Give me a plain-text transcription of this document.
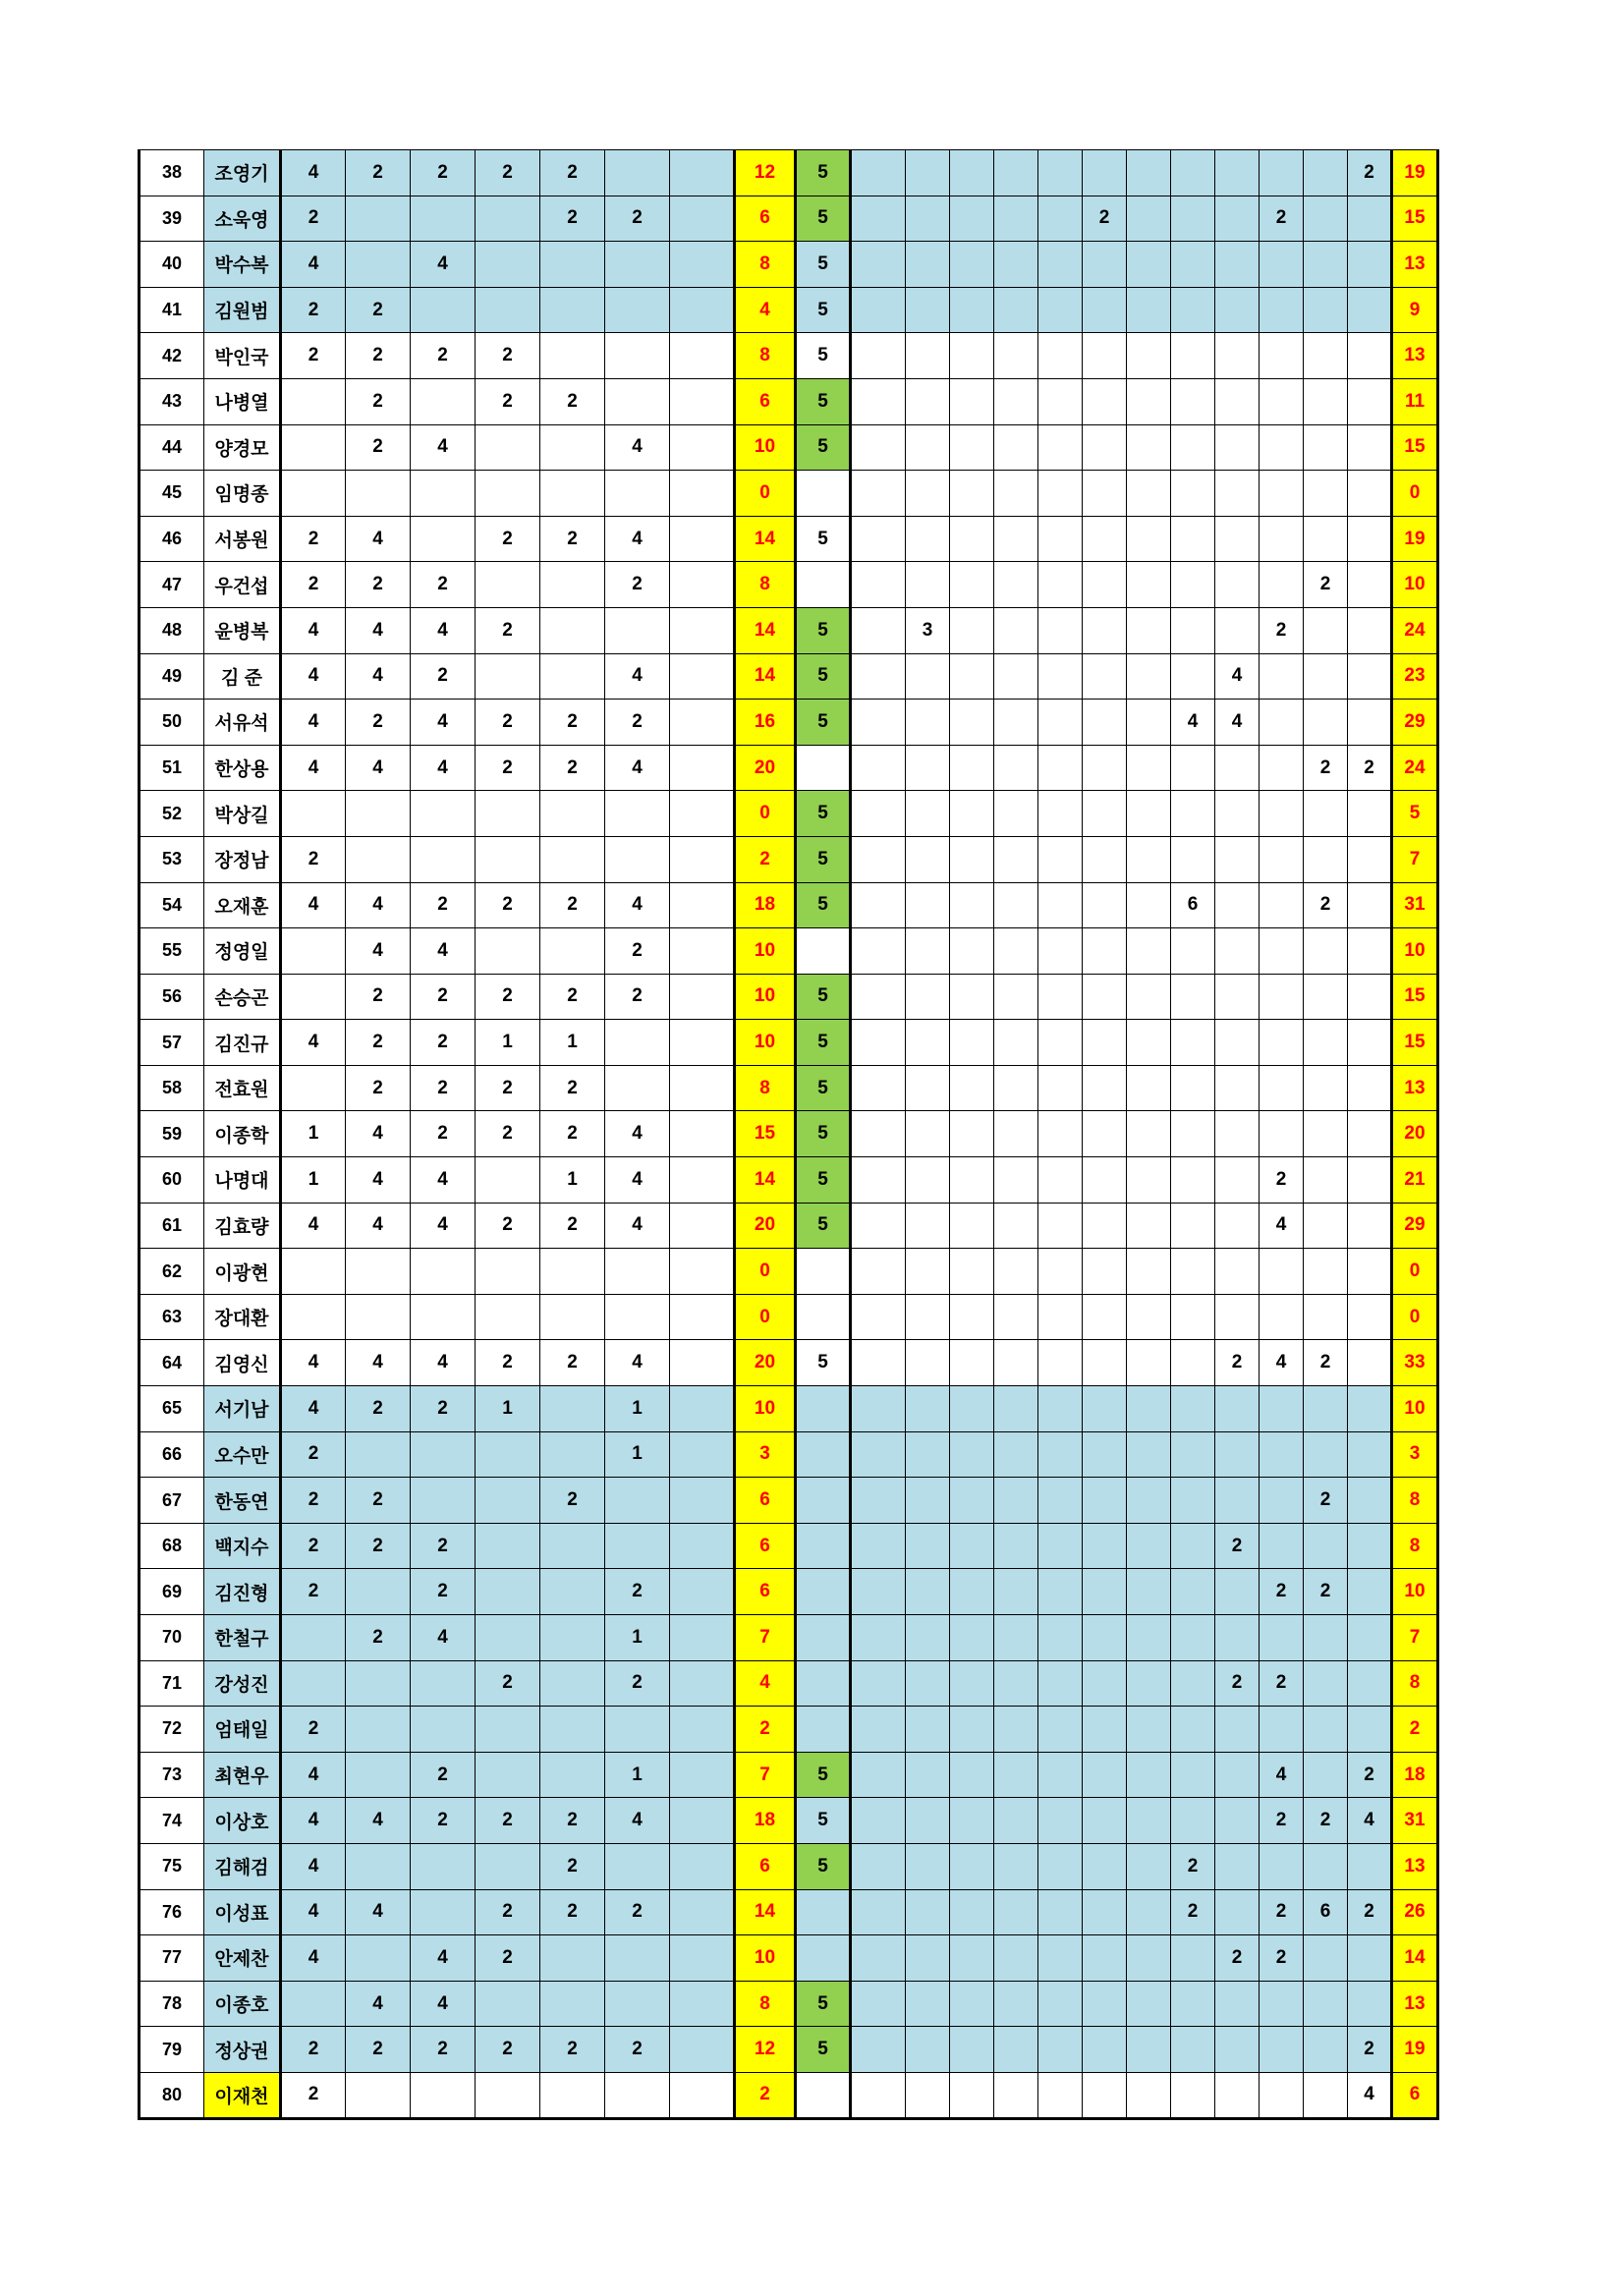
38	조영기	4	2	2	2	2			12	5												2	19
39	소욱영	2				2	2		6	5						2				2			15
40	박수복	4		4					8	5													13
41	김원범	2	2						4	5													9
42	박인국	2	2	2	2				8	5													13
43	나병열		2		2	2			6	5													11
44	양경모		2	4			4		10	5													15
45	임명종								0														0
46	서봉원	2	4		2	2	4		14	5													19
47	우건섭	2	2	2			2		8												2		10
48	윤병복	4	4	4	2				14	5		3								2			24
49	김 준	4	4	2			4		14	5									4				23
50	서유석	4	2	4	2	2	2		16	5								4	4				29
51	한상용	4	4	4	2	2	4		20												2	2	24
52	박상길								0	5													5
53	장정남	2							2	5													7
54	오재훈	4	4	2	2	2	4		18	5								6			2		31
55	정영일		4	4			2		10														10
56	손승곤		2	2	2	2	2		10	5													15
57	김진규	4	2	2	1	1			10	5													15
58	전효원		2	2	2	2			8	5													13
59	이종학	1	4	2	2	2	4		15	5													20
60	나명대	1	4	4		1	4		14	5										2			21
61	김효량	4	4	4	2	2	4		20	5										4			29
62	이광현								0														0
63	장대환								0														0
64	김영신	4	4	4	2	2	4		20	5									2	4	2		33
65	서기남	4	2	2	1		1		10														10
66	오수만	2					1		3														3
67	한동연	2	2			2			6												2		8
68	백지수	2	2	2					6										2				8
69	김진형	2		2			2		6											2	2		10
70	한철구		2	4			1		7														7
71	강성진				2		2		4										2	2			8
72	엄태일	2							2														2
73	최현우	4		2			1		7	5										4		2	18
74	이상호	4	4	2	2	2	4		18	5										2	2	4	31
75	김해검	4				2			6	5								2					13
76	이성표	4	4		2	2	2		14									2		2	6	2	26
77	안제찬	4		4	2				10										2	2			14
78	이종호		4	4					8	5													13
79	정상권	2	2	2	2	2	2		12	5												2	19
80	이재천	2							2													4	6
